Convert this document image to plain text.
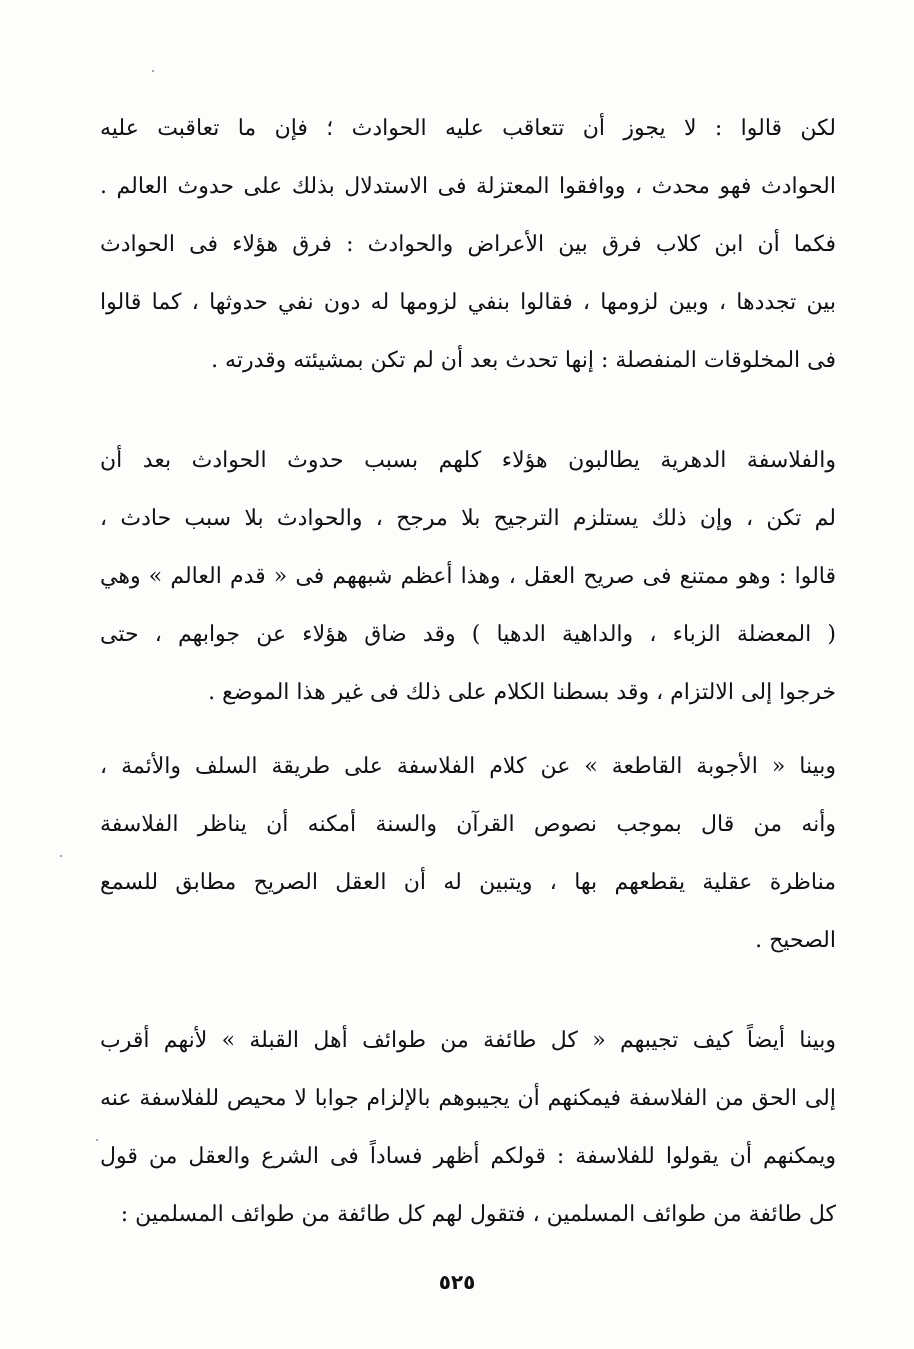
لكن قالوا : لا يجوز أن تتعاقب عليه الحوادث ؛ فإن ما تعاقبت عليه
الحوادث فهو محدث ، ووافقوا المعتزلة فى الاستدلال بذلك على حدوث العالم .
فكما أن ابن كلاب فرق بين الأعراض والحوادث : فرق هؤلاء فى الحوادث
بين تجددها ، وبين لزومها ، فقالوا بنفي لزومها له دون نفي حدوثها ، كما قالوا
فى المخلوقات المنفصلة : إنها تحدث بعد أن لم تكن بمشيئته وقدرته .
والفلاسفة الدهرية يطالبون هؤلاء كلهم بسبب حدوث الحوادث بعد أن
لم تكن ، وإن ذلك يستلزم الترجيح بلا مرجح ، والحوادث بلا سبب حادث ،
قالوا : وهو ممتنع فى صريح العقل ، وهذا أعظم شبههم فى « قدم العالم » وهي
( المعضلة الزباء ، والداهية الدهيا ) وقد ضاق هؤلاء عن جوابهم ، حتى
خرجوا إلى الالتزام ، وقد بسطنا الكلام على ذلك فى غير هذا الموضع .
وبينا « الأجوبة القاطعة » عن كلام الفلاسفة على طريقة السلف والأئمة ،
وأنه من قال بموجب نصوص القرآن والسنة أمكنه أن يناظر الفلاسفة
مناظرة عقلية يقطعهم بها ، ويتبين له أن العقل الصريح مطابق للسمع
الصحيح .
وبينا أيضاً كيف تجيبهم « كل طائفة من طوائف أهل القبلة » لأنهم أقرب
إلى الحق من الفلاسفة فيمكنهم أن يجيبوهم بالإلزام جوابا لا محيص للفلاسفة عنه
ويمكنهم أن يقولوا للفلاسفة : قولكم أظهر فساداً فى الشرع والعقل من قول
كل طائفة من طوائف المسلمين ، فتقول لهم كل طائفة من طوائف المسلمين :
٥٢٥
